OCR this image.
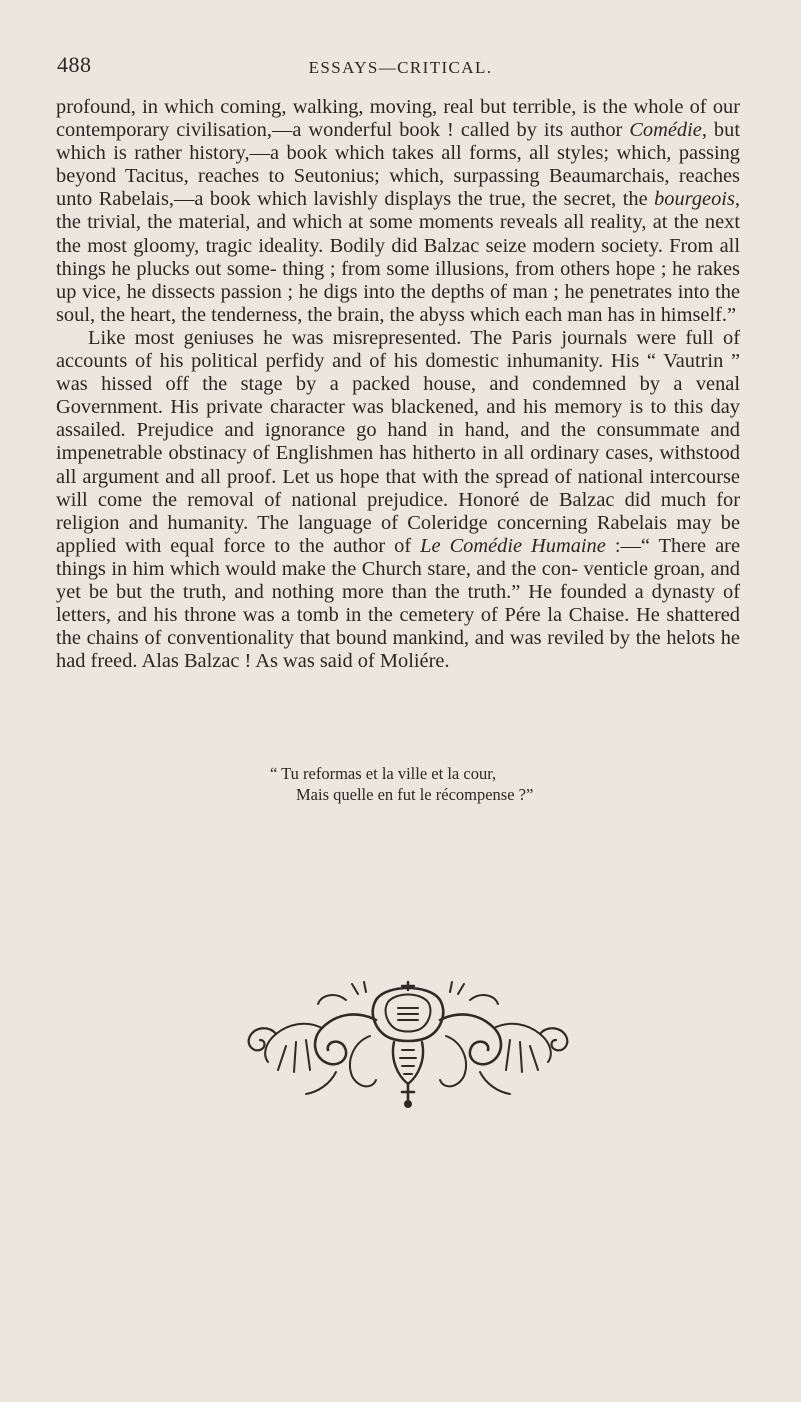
488	ESSAYS—CRITICAL.

profound, in which coming, walking, moving, real but terrible, is the whole of our contemporary civilisation,—a wonderful book ! called by its author Comédie, but which is rather history,—a book which takes all forms, all styles; which, passing beyond Tacitus, reaches to Seutonius; which, surpassing Beaumarchais, reaches unto Rabelais,—a book which lavishly displays the true, the secret, the bourgeois, the trivial, the material, and which at some moments reveals all reality, at the next the most gloomy, tragic ideality. Bodily did Balzac seize modern society. From all things he plucks out some- thing ; from some illusions, from others hope ; he rakes up vice, he dissects passion ; he digs into the depths of man ; he penetrates into the soul, the heart, the tenderness, the brain, the abyss which each man has in himself.”

Like most geniuses he was misrepresented. The Paris journals were full of accounts of his political perfidy and of his domestic inhumanity. His “ Vautrin ” was hissed off the stage by a packed house, and condemned by a venal Government. His private character was blackened, and his memory is to this day assailed. Prejudice and ignorance go hand in hand, and the consummate and impenetrable obstinacy of Englishmen has hitherto in all ordinary cases, withstood all argument and all proof. Let us hope that with the spread of national intercourse will come the removal of national prejudice. Honoré de Balzac did much for religion and humanity. The language of Coleridge concerning Rabelais may be applied with equal force to the author of Le Comédie Humaine :—“ There are things in him which would make the Church stare, and the con- venticle groan, and yet be but the truth, and nothing more than the truth.” He founded a dynasty of letters, and his throne was a tomb in the cemetery of Pére la Chaise. He shattered the chains of conventionality that bound mankind, and was reviled by the helots he had freed. Alas Balzac ! As was said of Moliére.

“ Tu reformas et la ville et la cour,
Mais quelle en fut le récompense ?”
